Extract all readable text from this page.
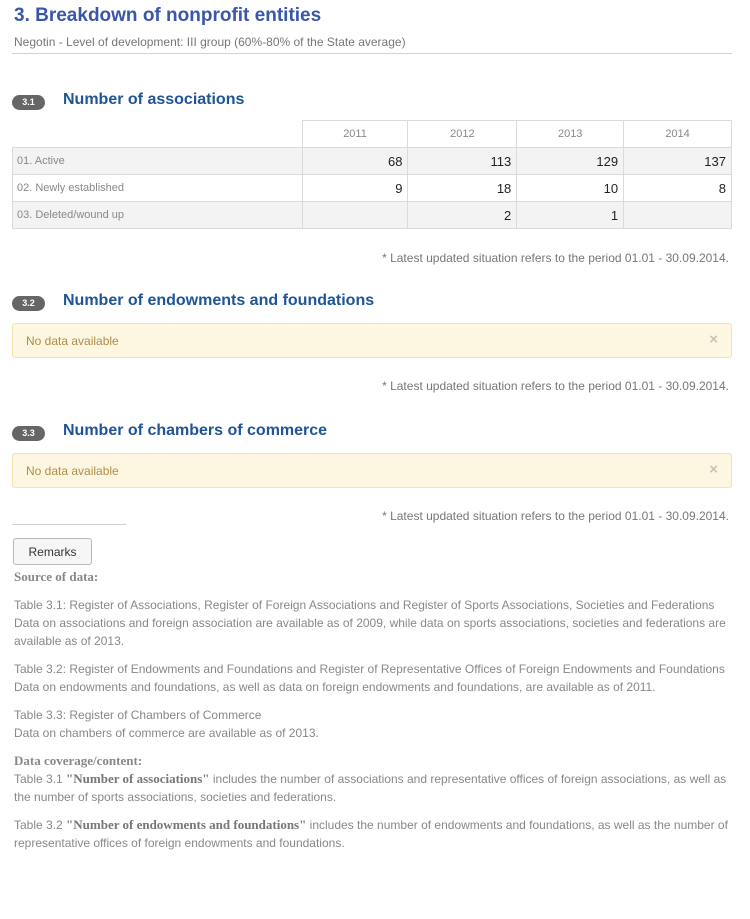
3. Breakdown of nonprofit entities
Negotin - Level of development: III group (60%-80% of the State average)
3.1	Number of associations
	2011	2012	2013	2014
01. Active	68	113	129	137
02. Newly established	9	18	10	8
03. Deleted/wound up		2	1	
* Latest updated situation refers to the period 01.01 - 30.09.2014.
3.2	Number of endowments and foundations
No data available	×
* Latest updated situation refers to the period 01.01 - 30.09.2014.
3.3	Number of chambers of commerce
No data available	×
* Latest updated situation refers to the period 01.01 - 30.09.2014.
Remarks
Source of data:

Table 3.1: Register of Associations, Register of Foreign Associations and Register of Sports Associations, Societies and Federations

Data on associations and foreign association are available as of 2009, while data on sports associations, societies and federations are available as of 2013.

Table 3.2: Register of Endowments and Foundations and Register of Representative Offices of Foreign Endowments and Foundations

Data on endowments and foundations, as well as data on foreign endowments and foundations, are available as of 2011.

Table 3.3: Register of Chambers of Commerce

Data on chambers of commerce are available as of 2013.

Data coverage/content:

Table 3.1 "Number of associations" includes the number of associations and representative offices of foreign associations, as well as the number of sports associations, societies and federations.

Table 3.2 "Number of endowments and foundations" includes the number of endowments and foundations, as well as the number of representative offices of foreign endowments and foundations.
